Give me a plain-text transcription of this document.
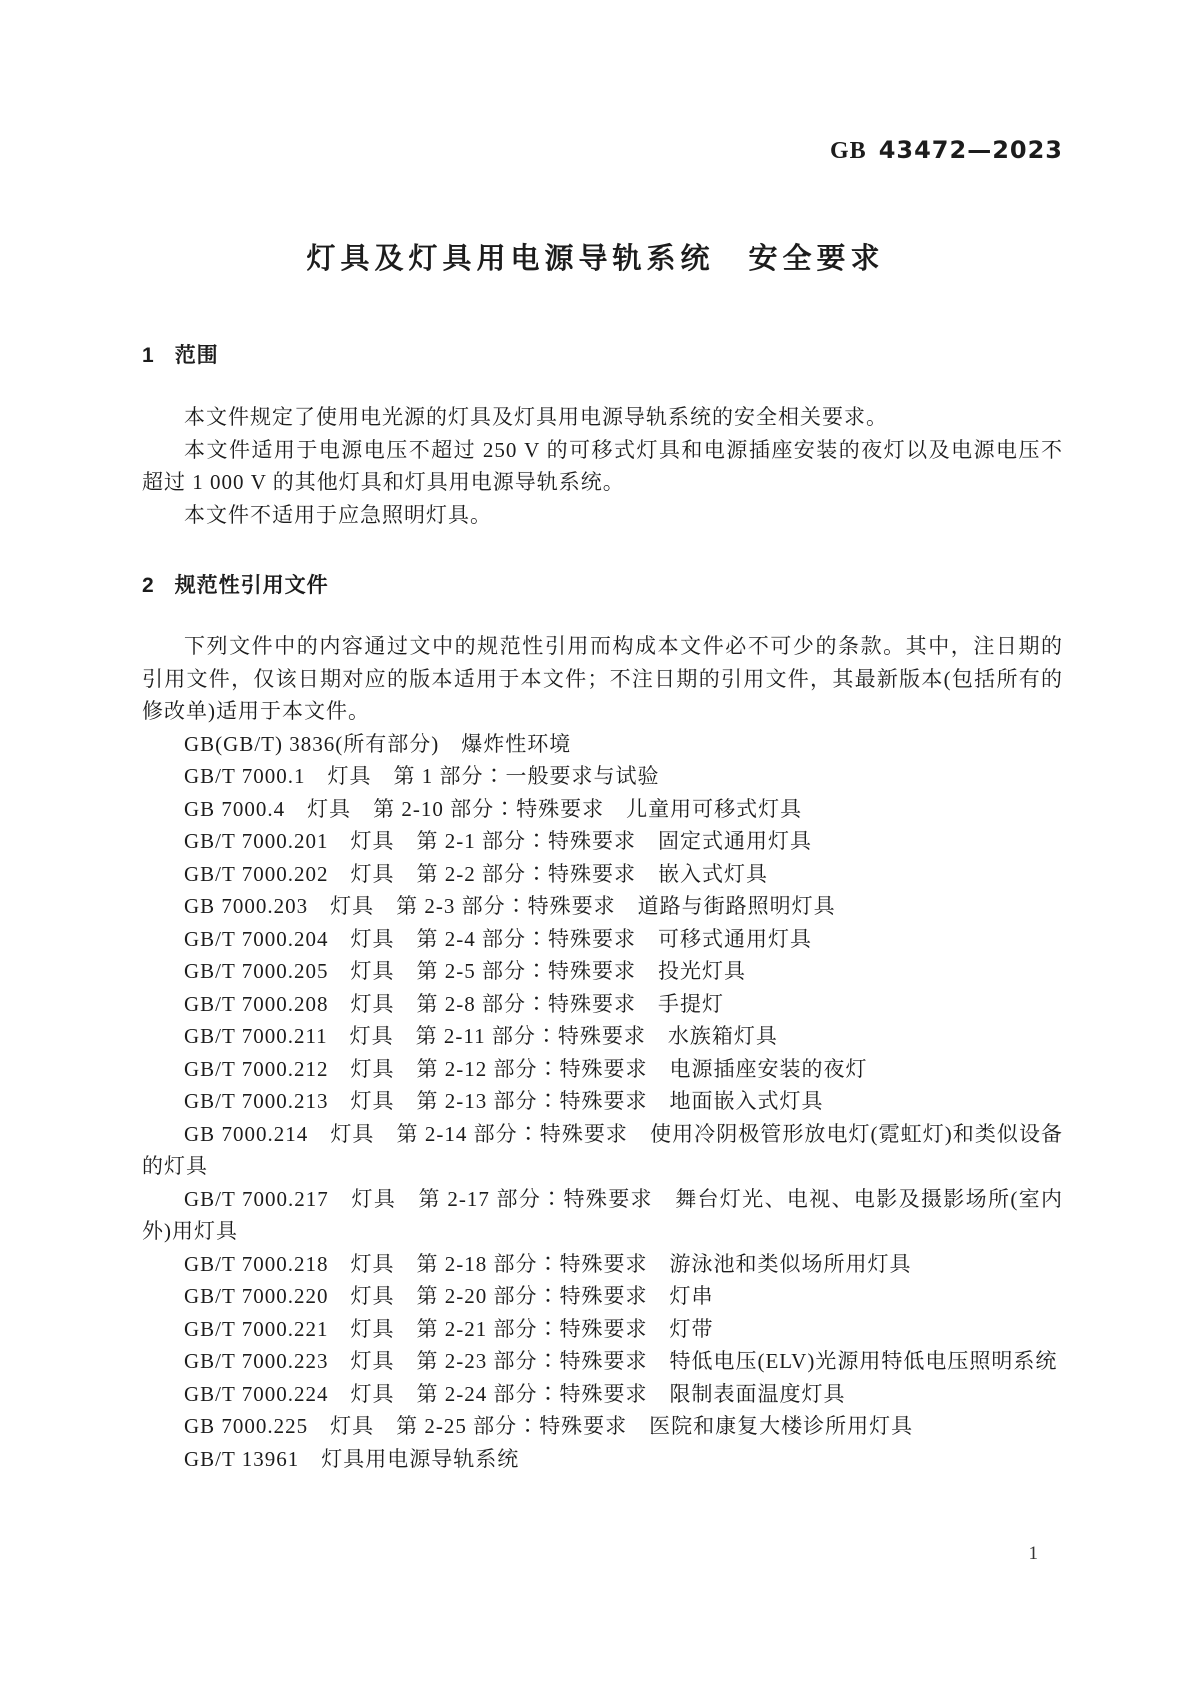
GB 43472—2023
灯具及灯具用电源导轨系统　安全要求
1 范围

本文件规定了使用电光源的灯具及灯具用电源导轨系统的安全相关要求。

本文件适用于电源电压不超过 250 V 的可移式灯具和电源插座安装的夜灯以及电源电压不超过 1 000 V 的其他灯具和灯具用电源导轨系统。

本文件不适用于应急照明灯具。

2 规范性引用文件

下列文件中的内容通过文中的规范性引用而构成本文件必不可少的条款。其中，注日期的引用文件，仅该日期对应的版本适用于本文件；不注日期的引用文件，其最新版本(包括所有的修改单)适用于本文件。

GB(GB/T) 3836(所有部分)　爆炸性环境

GB/T 7000.1　灯具　第 1 部分∶一般要求与试验

GB 7000.4　灯具　第 2-10 部分∶特殊要求　儿童用可移式灯具

GB/T 7000.201　灯具　第 2-1 部分∶特殊要求　固定式通用灯具

GB/T 7000.202　灯具　第 2-2 部分∶特殊要求　嵌入式灯具

GB 7000.203　灯具　第 2-3 部分∶特殊要求　道路与街路照明灯具

GB/T 7000.204　灯具　第 2-4 部分∶特殊要求　可移式通用灯具

GB/T 7000.205　灯具　第 2-5 部分∶特殊要求　投光灯具

GB/T 7000.208　灯具　第 2-8 部分∶特殊要求　手提灯

GB/T 7000.211　灯具　第 2-11 部分∶特殊要求　水族箱灯具

GB/T 7000.212　灯具　第 2-12 部分∶特殊要求　电源插座安装的夜灯

GB/T 7000.213　灯具　第 2-13 部分∶特殊要求　地面嵌入式灯具

GB 7000.214　灯具　第 2-14 部分∶特殊要求　使用冷阴极管形放电灯(霓虹灯)和类似设备的灯具

GB/T 7000.217　灯具　第 2-17 部分∶特殊要求　舞台灯光、电视、电影及摄影场所(室内外)用灯具

GB/T 7000.218　灯具　第 2-18 部分∶特殊要求　游泳池和类似场所用灯具

GB/T 7000.220　灯具　第 2-20 部分∶特殊要求　灯串

GB/T 7000.221　灯具　第 2-21 部分∶特殊要求　灯带

GB/T 7000.223　灯具　第 2-23 部分∶特殊要求　特低电压(ELV)光源用特低电压照明系统

GB/T 7000.224　灯具　第 2-24 部分∶特殊要求　限制表面温度灯具

GB 7000.225　灯具　第 2-25 部分∶特殊要求　医院和康复大楼诊所用灯具

GB/T 13961　灯具用电源导轨系统

1
